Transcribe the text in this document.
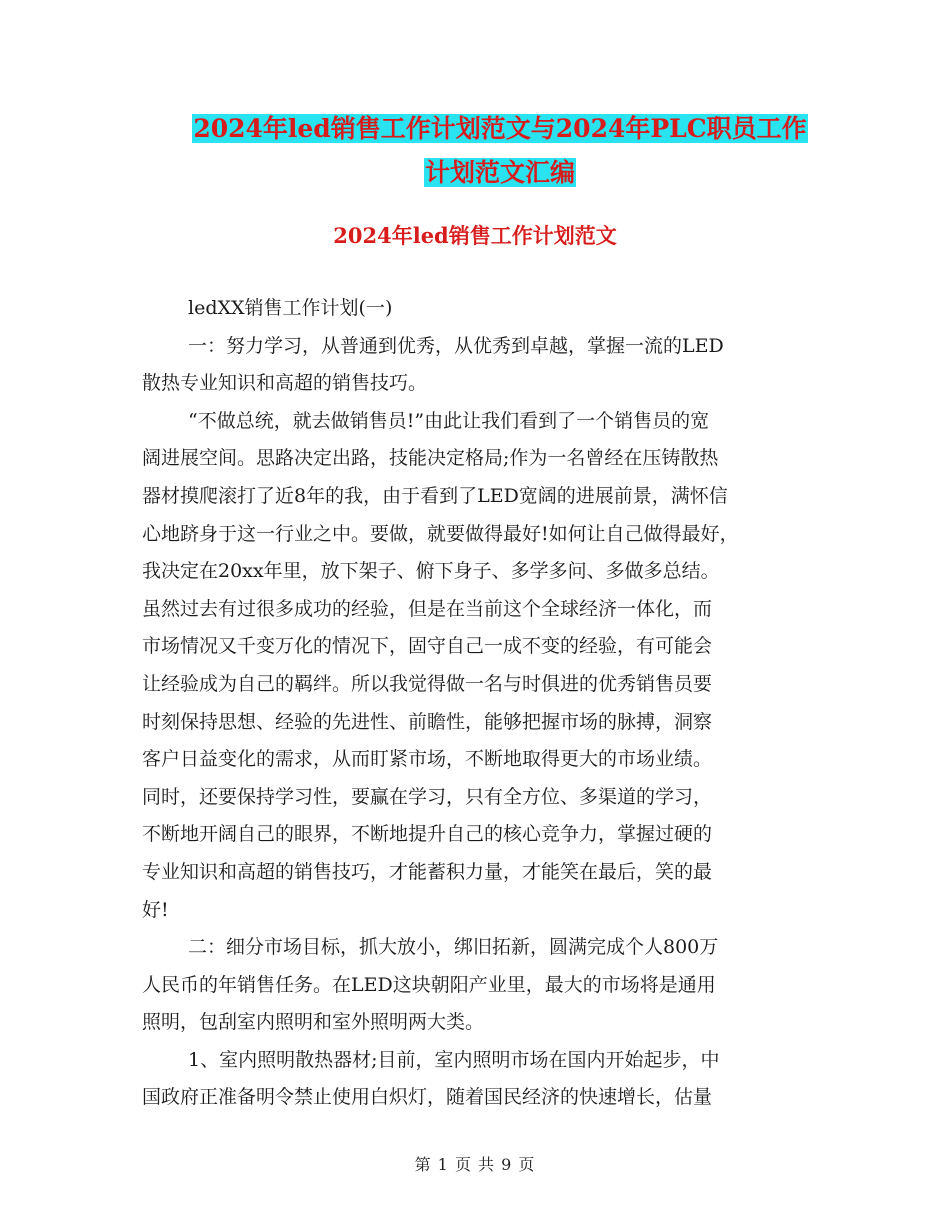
2024年led销售工作计划范文与2024年PLC职员工作
计划范文汇编
2024年led销售工作计划范文
ledXX销售工作计划(一)
一：努力学习，从普通到优秀，从优秀到卓越，掌握一流的LED
散热专业知识和高超的销售技巧。
“不做总统，就去做销售员!”由此让我们看到了一个销售员的宽
阔进展空间。思路决定出路，技能决定格局;作为一名曾经在压铸散热
器材摸爬滚打了近8年的我，由于看到了LED宽阔的进展前景，满怀信
心地跻身于这一行业之中。要做，就要做得最好!如何让自己做得最好，
我决定在20xx年里，放下架子、俯下身子、多学多问、多做多总结。
虽然过去有过很多成功的经验，但是在当前这个全球经济一体化，而
市场情况又千变万化的情况下，固守自己一成不变的经验，有可能会
让经验成为自己的羁绊。所以我觉得做一名与时俱进的优秀销售员要
时刻保持思想、经验的先进性、前瞻性，能够把握市场的脉搏，洞察
客户日益变化的需求，从而盯紧市场，不断地取得更大的市场业绩。
同时，还要保持学习性，要赢在学习，只有全方位、多渠道的学习，
不断地开阔自己的眼界，不断地提升自己的核心竞争力，掌握过硬的
专业知识和高超的销售技巧，才能蓄积力量，才能笑在最后，笑的最
好!
二：细分市场目标，抓大放小，绑旧拓新，圆满完成个人800万
人民币的年销售任务。在LED这块朝阳产业里，最大的市场将是通用
照明，包刮室内照明和室外照明两大类。
1、室内照明散热器材;目前，室内照明市场在国内开始起步，中
国政府正准备明令禁止使用白炽灯，随着国民经济的快速增长，估量
第 1 页 共 9 页
